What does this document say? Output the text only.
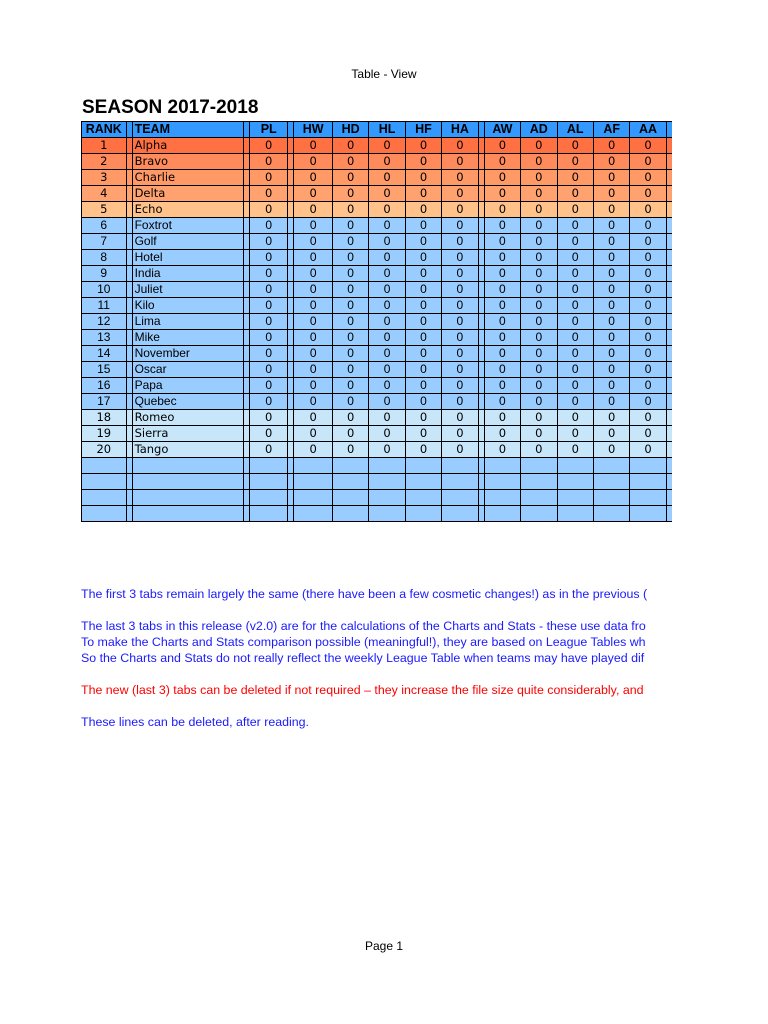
Table - View
SEASON 2017-2018
RANK		TEAM		PL		HW	HD	HL	HF	HA		AW	AD	AL	AF	AA	
1		Alpha		0		0	0	0	0	0		0	0	0	0	0	
2		Bravo		0		0	0	0	0	0		0	0	0	0	0	
3		Charlie		0		0	0	0	0	0		0	0	0	0	0	
4		Delta		0		0	0	0	0	0		0	0	0	0	0	
5		Echo		0		0	0	0	0	0		0	0	0	0	0	
6		Foxtrot		0		0	0	0	0	0		0	0	0	0	0	
7		Golf		0		0	0	0	0	0		0	0	0	0	0	
8		Hotel		0		0	0	0	0	0		0	0	0	0	0	
9		India		0		0	0	0	0	0		0	0	0	0	0	
10		Juliet		0		0	0	0	0	0		0	0	0	0	0	
11		Kilo		0		0	0	0	0	0		0	0	0	0	0	
12		Lima		0		0	0	0	0	0		0	0	0	0	0	
13		Mike		0		0	0	0	0	0		0	0	0	0	0	
14		November		0		0	0	0	0	0		0	0	0	0	0	
15		Oscar		0		0	0	0	0	0		0	0	0	0	0	
16		Papa		0		0	0	0	0	0		0	0	0	0	0	
17		Quebec		0		0	0	0	0	0		0	0	0	0	0	
18		Romeo		0		0	0	0	0	0		0	0	0	0	0	
19		Sierra		0		0	0	0	0	0		0	0	0	0	0	
20		Tango		0		0	0	0	0	0		0	0	0	0	0	

The first 3 tabs remain largely the same (there have been a few cosmetic changes!) as in the previous (

The last 3 tabs in this release (v2.0) are for the calculations of the Charts and Stats - these use data fro

To make the Charts and Stats comparison possible (meaningful!), they are based on League Tables wh

So the Charts and Stats do not really reflect the weekly League Table when teams may have played dif

The new (last 3) tabs can be deleted if not required – they increase the file size quite considerably, and

These lines can be deleted, after reading.

Page 1
